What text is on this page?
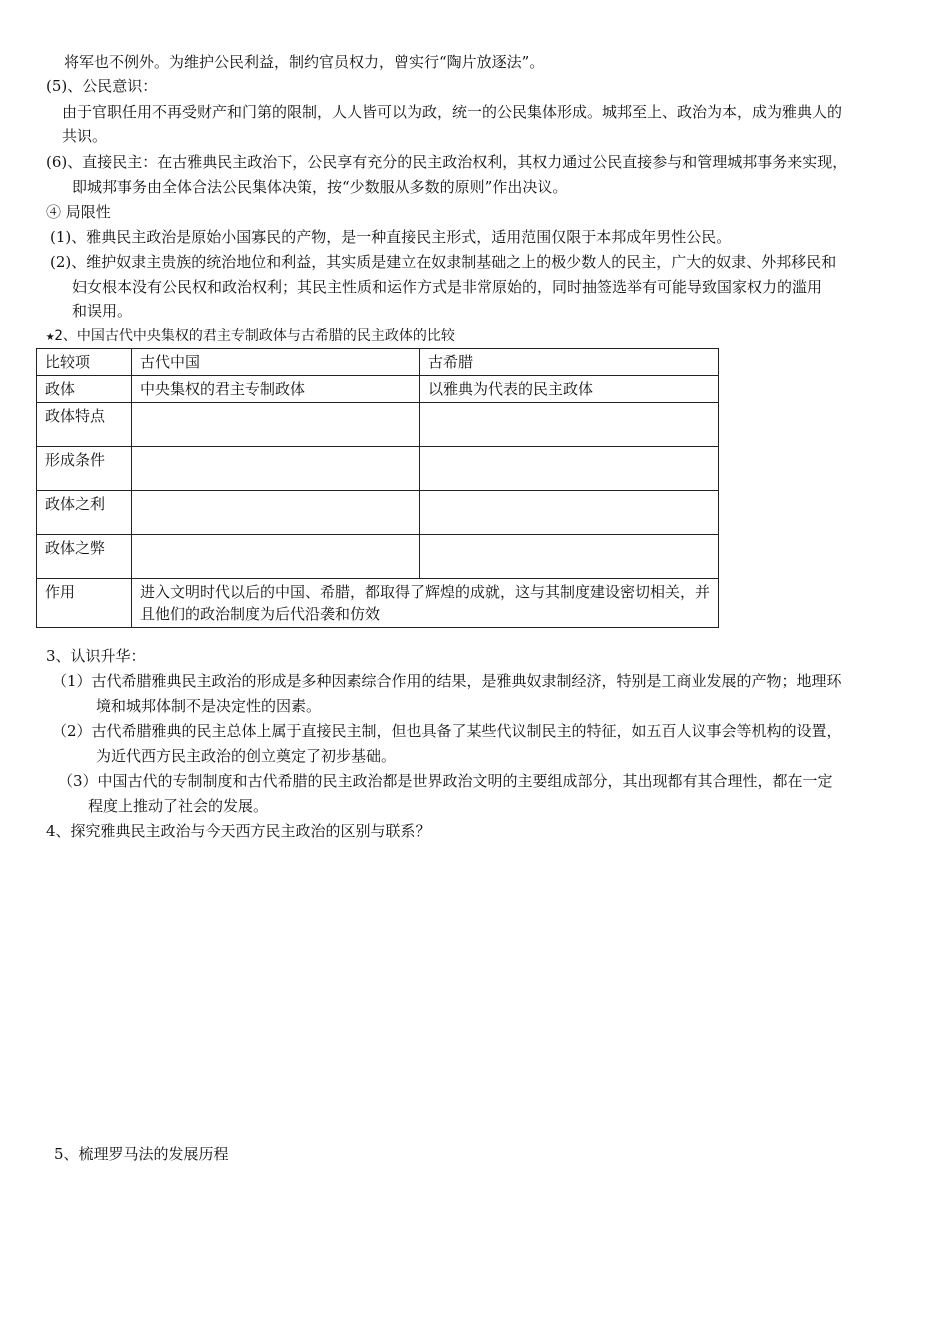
将军也不例外。为维护公民利益，制约官员权力，曾实行“陶片放逐法”。
(5)、公民意识：
由于官职任用不再受财产和门第的限制，人人皆可以为政，统一的公民集体形成。城邦至上、政治为本，成为雅典人的
共识。
(6)、直接民主：在古雅典民主政治下，公民享有充分的民主政治权利，其权力通过公民直接参与和管理城邦事务来实现，
即城邦事务由全体合法公民集体决策，按“少数服从多数的原则”作出决议。
④ 局限性
(1)、雅典民主政治是原始小国寡民的产物，是一种直接民主形式，适用范围仅限于本邦成年男性公民。
(2)、维护奴隶主贵族的统治地位和利益，其实质是建立在奴隶制基础之上的极少数人的民主，广大的奴隶、外邦移民和
妇女根本没有公民权和政治权利；其民主性质和运作方式是非常原始的，同时抽签选举有可能导致国家权力的滥用
和误用。
★2、中国古代中央集权的君主专制政体与古希腊的民主政体的比较
比较项	古代中国	古希腊
政体	中央集权的君主专制政体	以雅典为代表的民主政体
政体特点		
形成条件		
政体之利		
政体之弊		
作用	进入文明时代以后的中国、希腊，都取得了辉煌的成就，这与其制度建设密切相关，并且他们的政治制度为后代沿袭和仿效	
3、认识升华：
（1）古代希腊雅典民主政治的形成是多种因素综合作用的结果，是雅典奴隶制经济，特别是工商业发展的产物；地理环
境和城邦体制不是决定性的因素。
（2）古代希腊雅典的民主总体上属于直接民主制，但也具备了某些代议制民主的特征，如五百人议事会等机构的设置，
为近代西方民主政治的创立奠定了初步基础。
（3）中国古代的专制制度和古代希腊的民主政治都是世界政治文明的主要组成部分，其出现都有其合理性，都在一定
程度上推动了社会的发展。
4、探究雅典民主政治与今天西方民主政治的区别与联系？
5、梳理罗马法的发展历程
